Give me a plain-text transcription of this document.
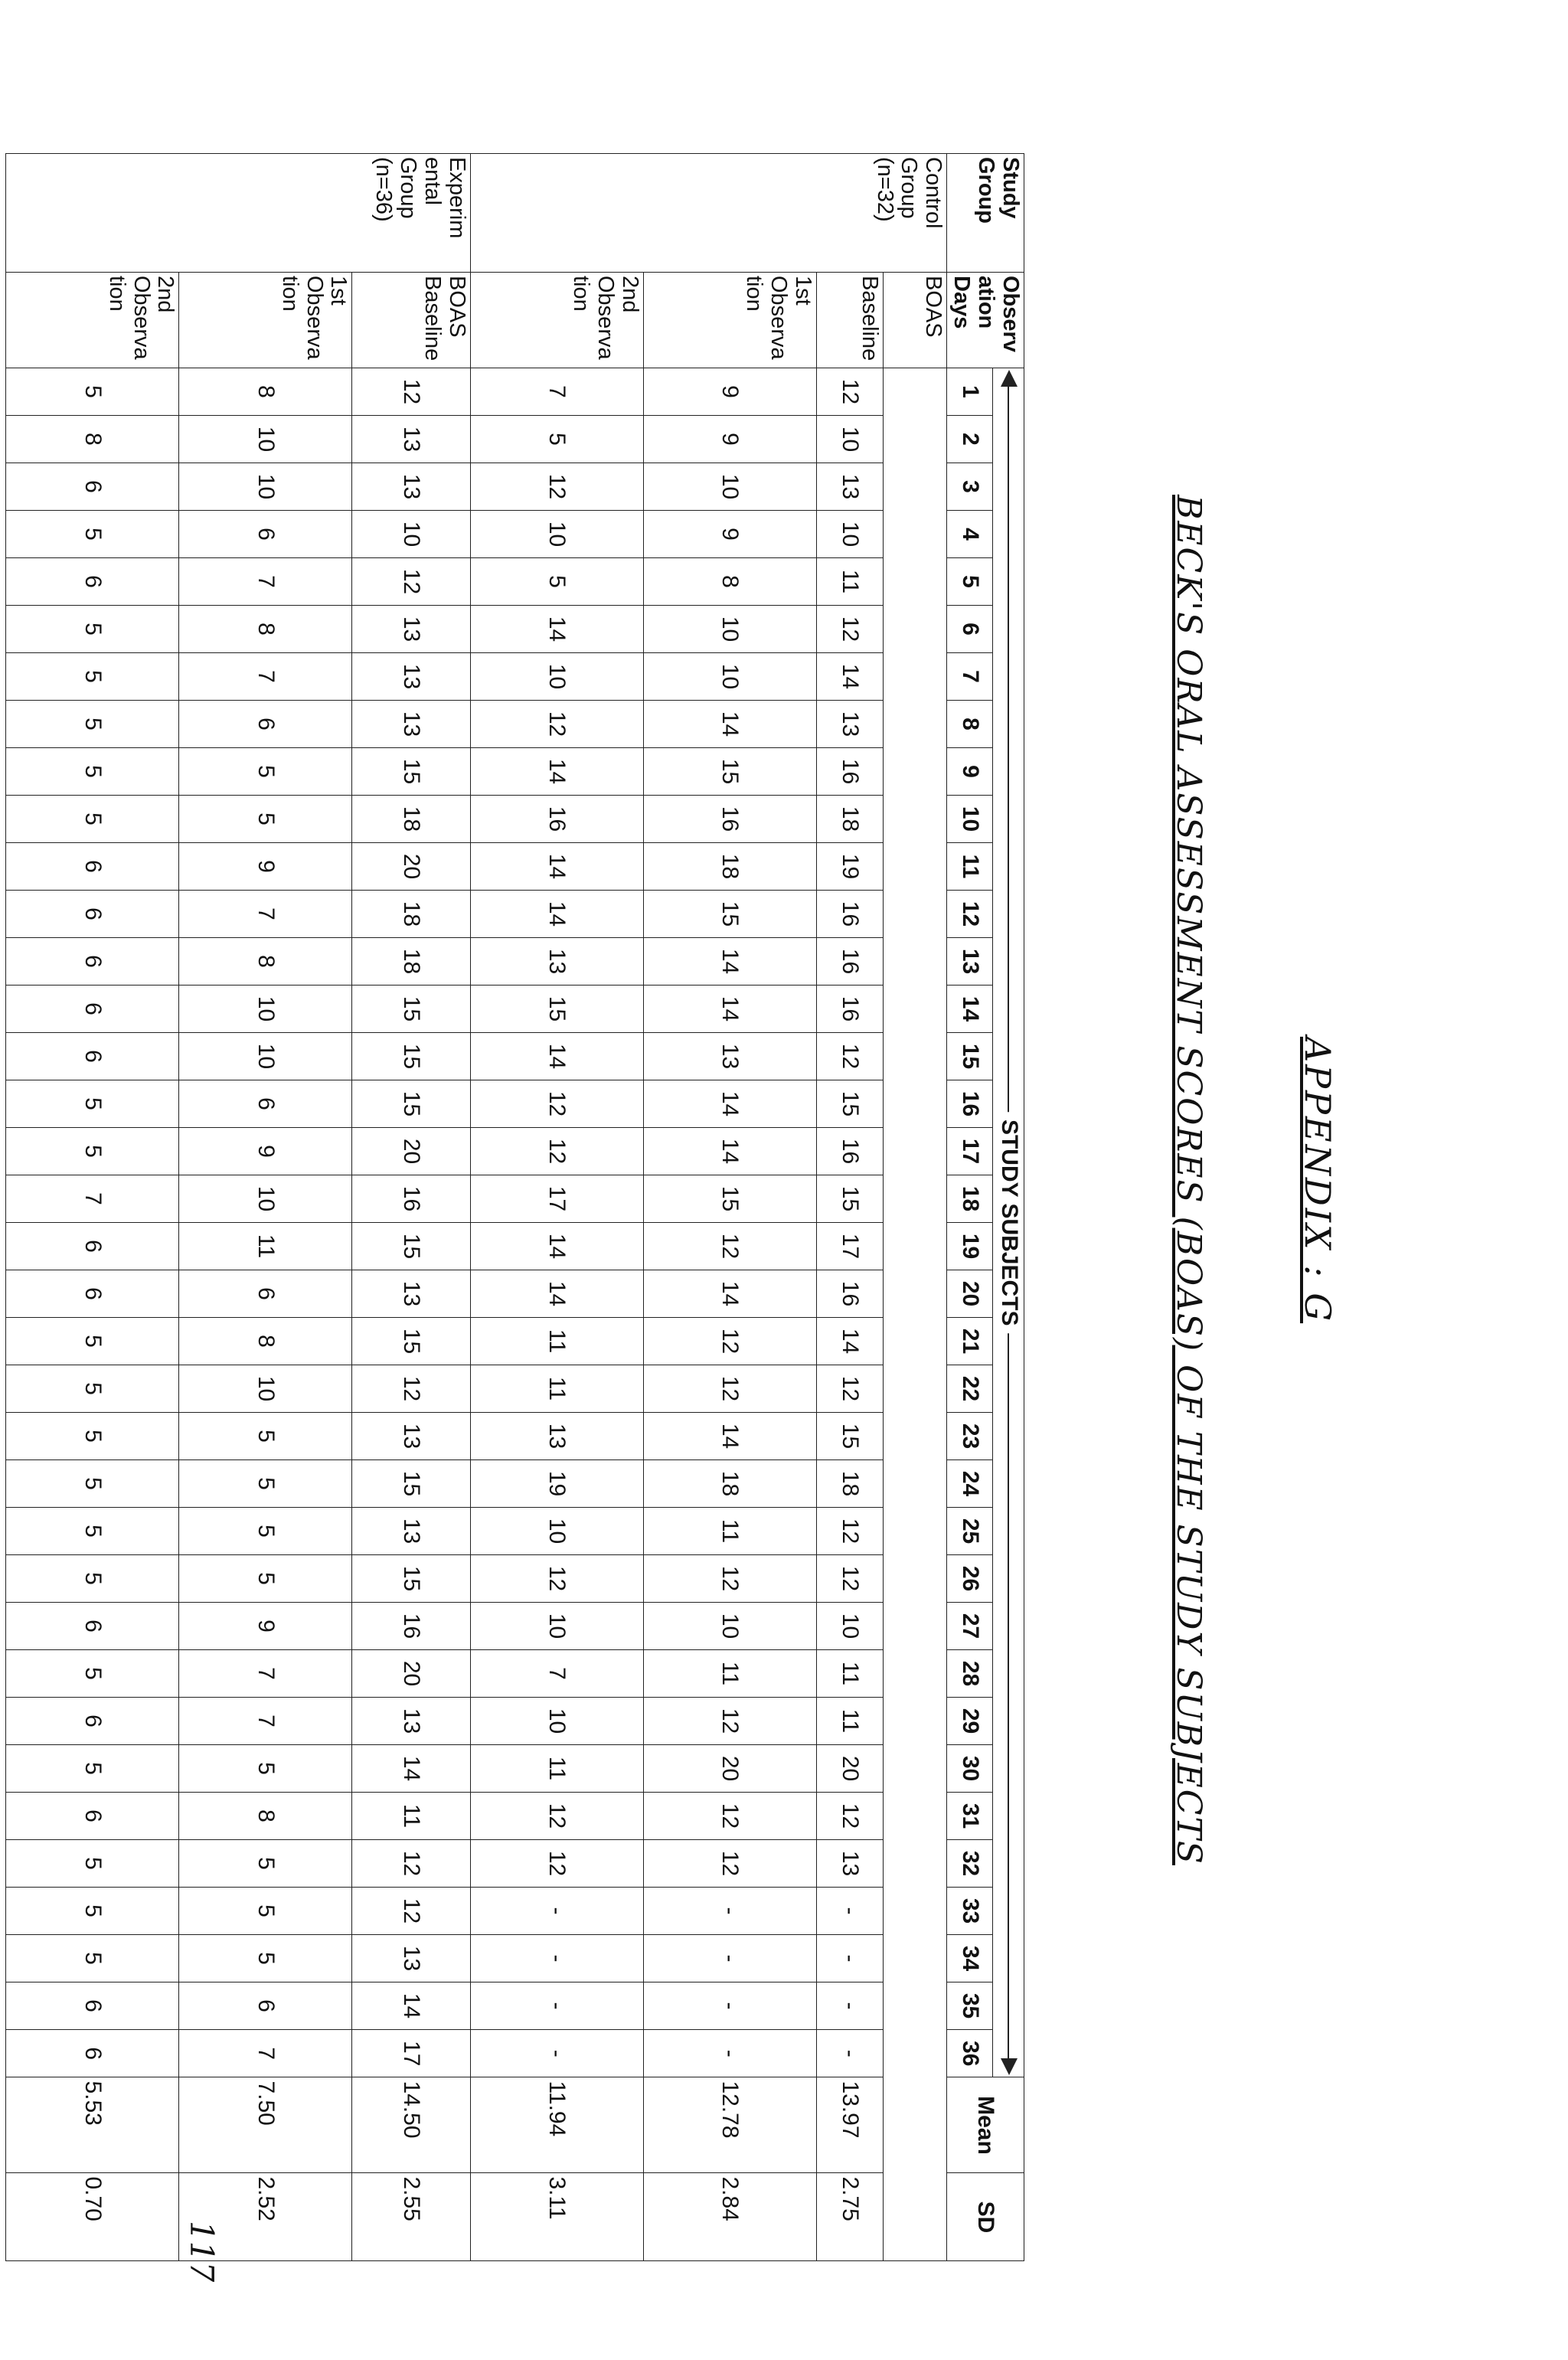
APPENDIX : G
BECK'S ORAL ASSESSMENT SCORES (BOAS) OF THE STUDY SUBJECTS
Study Group	Observ ation Days	STUDY SUBJECTS																																				Mean	SD
		1	2	3	4	5	6	7	8	9	10	11	12	13	14	15	16	17	18	19	20	21	22	23	24	25	26	27	28	29	30	31	32	33	34	35	36		
Control Group (n=32)	BOAS																																						
	Baseline	12	10	13	10	11	12	14	13	16	18	19	16	16	16	12	15	16	15	17	16	14	12	15	18	12	12	10	11	11	20	12	13	-	-	-	-	13.97	2.75
	1st Observa tion	9	9	10	9	8	10	10	14	15	16	18	15	14	14	13	14	14	15	12	14	12	12	14	18	11	12	10	11	12	20	12	12	-	-	-	-	12.78	2.84
	2nd Observa tion	7	5	12	10	5	14	10	12	14	16	14	14	13	15	14	12	12	17	14	14	11	11	13	19	10	12	10	7	10	11	12	12	-	-	-	-	11.94	3.11
Experim ental Group (n=36)	BOAS Baseline	12	13	13	10	12	13	13	13	15	18	20	18	18	15	15	15	20	16	15	13	15	12	13	15	13	15	16	20	13	14	11	12	12	13	14	17	14.50	2.55
	1st Observa tion	8	10	10	6	7	8	7	6	5	5	9	7	8	10	10	6	9	10	11	6	8	10	5	5	5	5	9	7	7	5	8	5	5	5	6	7	7.50	2.52
	2nd Observa tion	5	8	6	5	6	5	5	5	5	5	6	6	6	6	6	5	5	7	6	6	5	5	5	5	5	5	6	5	6	5	6	5	5	5	6	6	5.53	0.70
117
